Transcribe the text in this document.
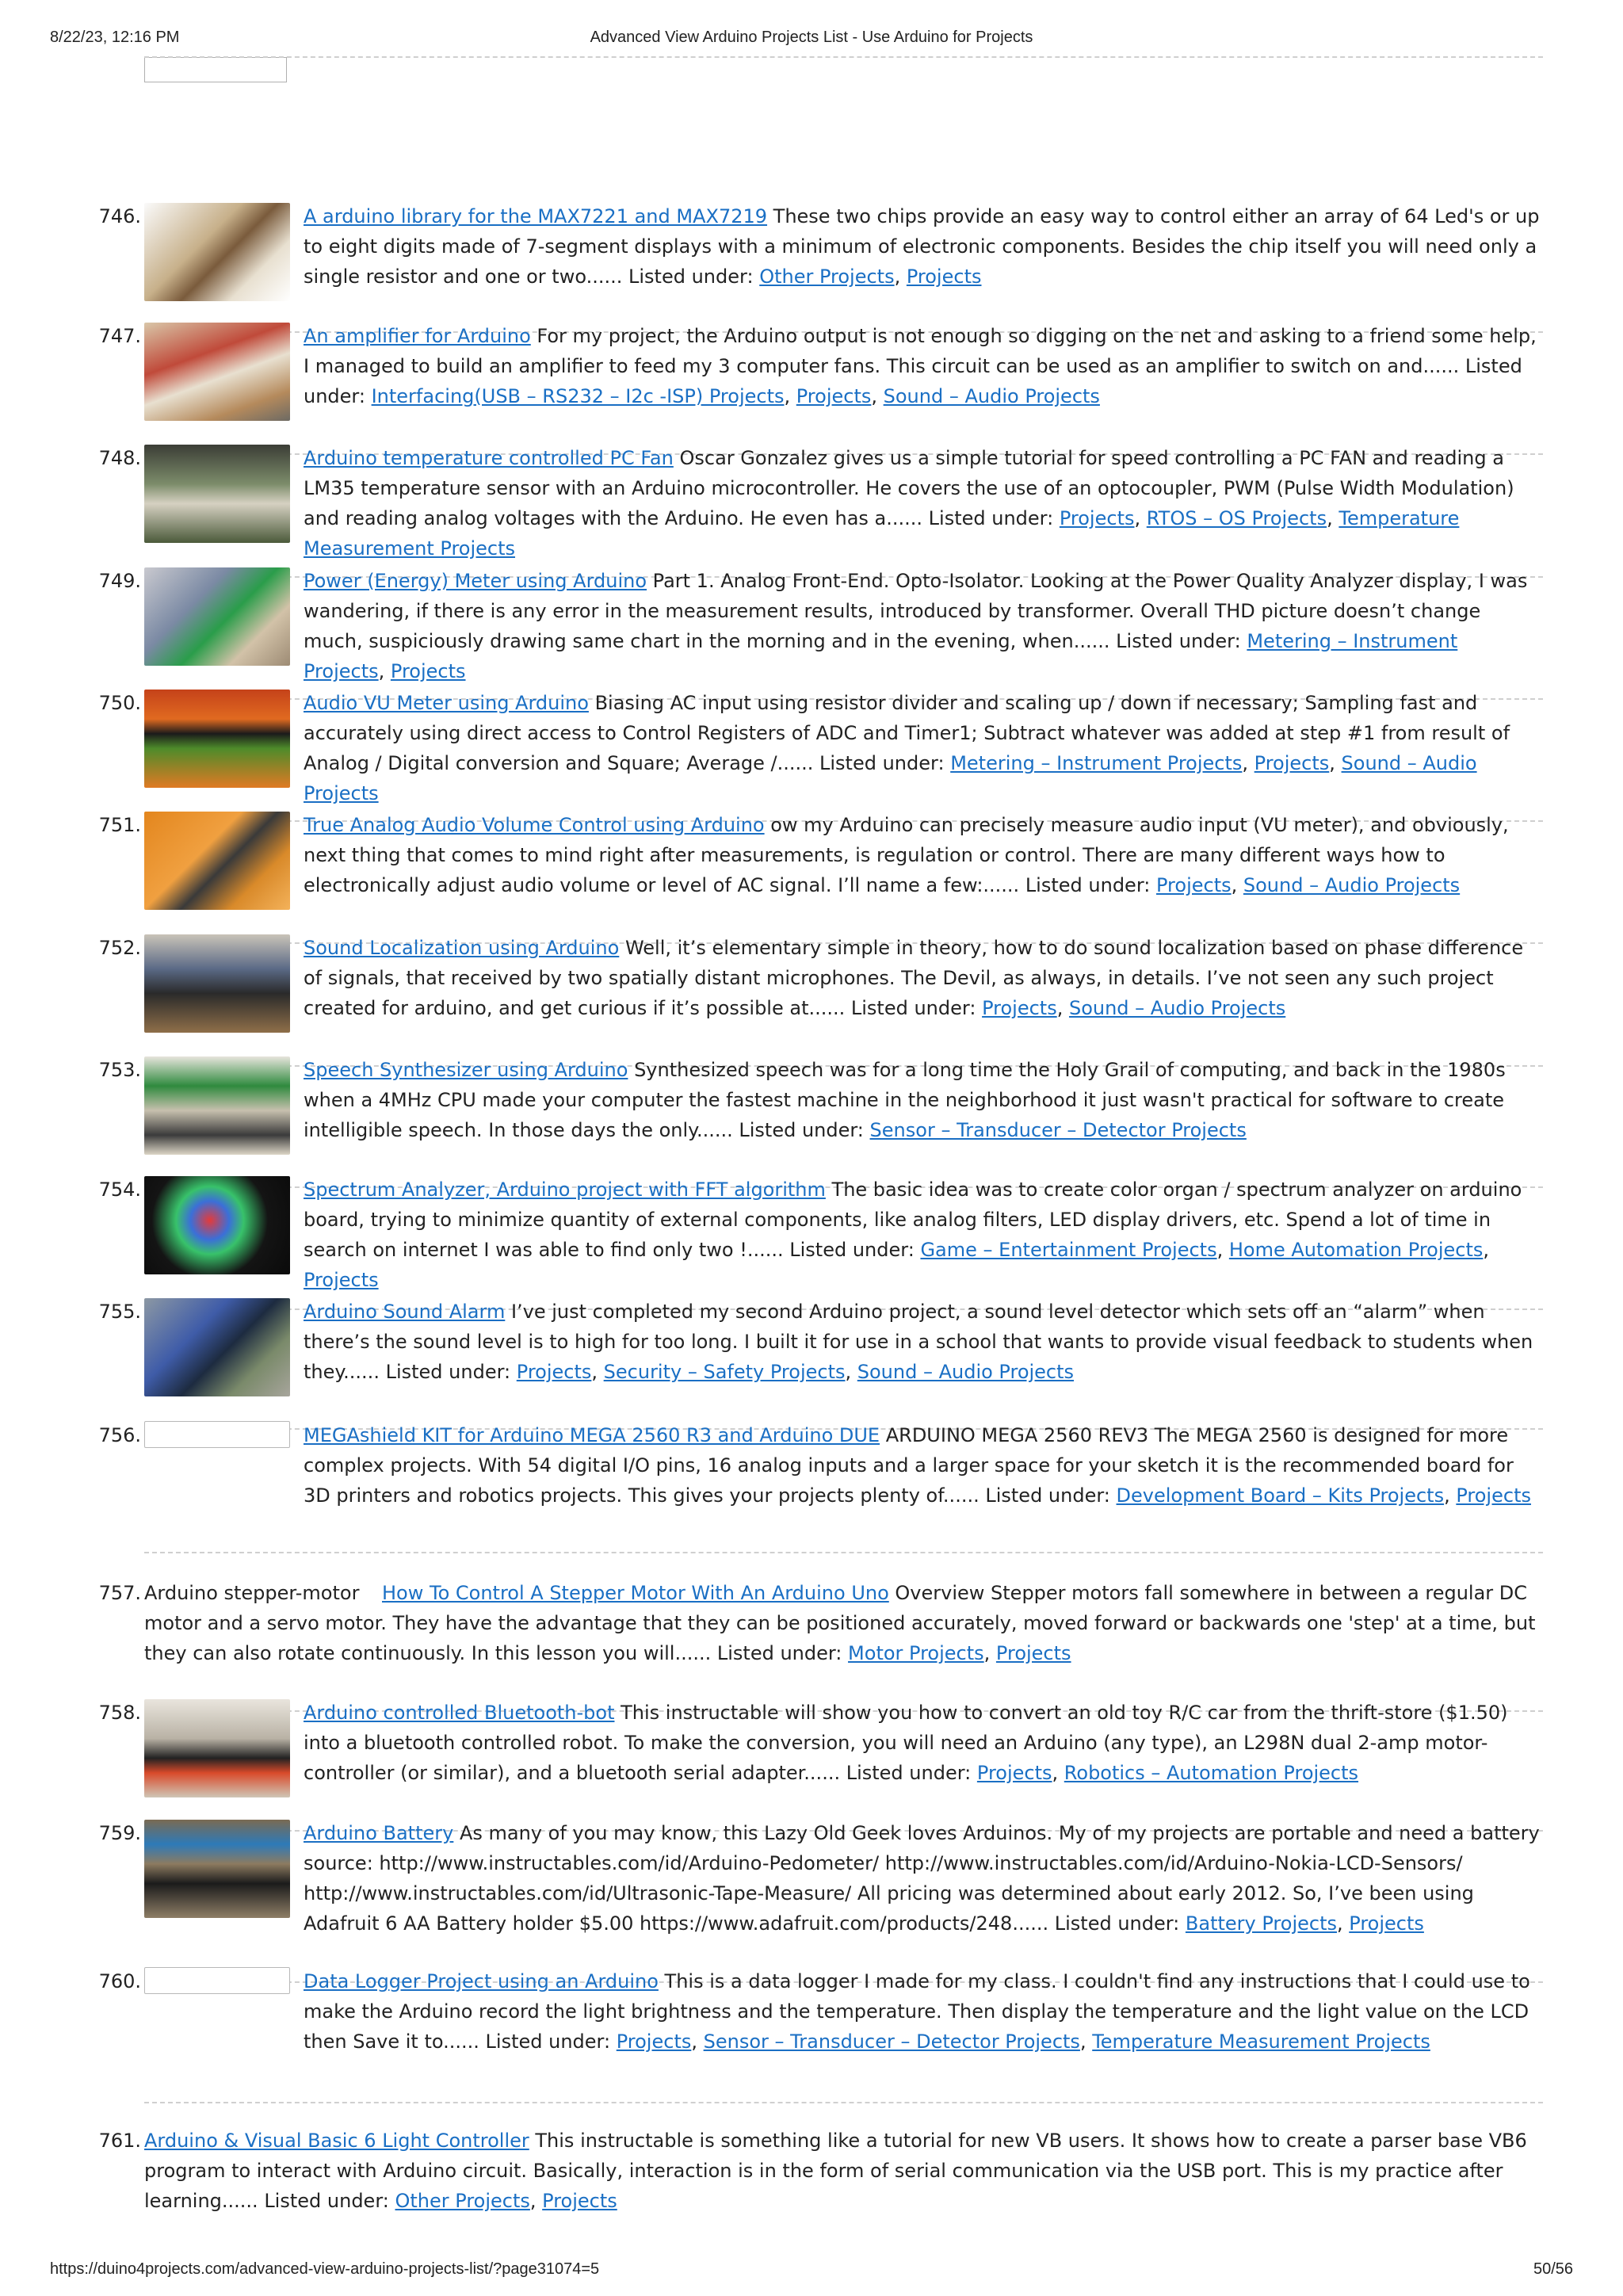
8/22/23, 12:16 PM	Advanced View Arduino Projects List - Use Arduino for Projects
746.	A arduino library for the MAX7221 and MAX7219 These two chips provide an easy way to control either an array of 64 Led's or up to eight digits made of 7-segment displays with a minimum of electronic components. Besides the chip itself you will need only a single resistor and one or two...... Listed under: Other Projects, Projects
747.	An amplifier for Arduino For my project, the Arduino output is not enough so digging on the net and asking to a friend some help, I managed to build an amplifier to feed my 3 computer fans. This circuit can be used as an amplifier to switch on and...... Listed under: Interfacing(USB – RS232 – I2c -ISP) Projects, Projects, Sound – Audio Projects
748.	Arduino temperature controlled PC Fan Oscar Gonzalez gives us a simple tutorial for speed controlling a PC FAN and reading a LM35 temperature sensor with an Arduino microcontroller. He covers the use of an optocoupler, PWM (Pulse Width Modulation) and reading analog voltages with the Arduino. He even has a...... Listed under: Projects, RTOS – OS Projects, Temperature Measurement Projects
749.	Power (Energy) Meter using Arduino Part 1. Analog Front-End. Opto-Isolator. Looking at the Power Quality Analyzer display, I was wandering, if there is any error in the measurement results, introduced by transformer. Overall THD picture doesn’t change much, suspiciously drawing same chart in the morning and in the evening, when...... Listed under: Metering – Instrument Projects, Projects
750.	Audio VU Meter using Arduino Biasing AC input using resistor divider and scaling up / down if necessary; Sampling fast and accurately using direct access to Control Registers of ADC and Timer1; Subtract whatever was added at step #1 from result of Analog / Digital conversion and Square; Average /...... Listed under: Metering – Instrument Projects, Projects, Sound – Audio Projects
751.	True Analog Audio Volume Control using Arduino ow my Arduino can precisely measure audio input (VU meter), and obviously, next thing that comes to mind right after measurements, is regulation or control. There are many different ways how to electronically adjust audio volume or level of AC signal. I’ll name a few:...... Listed under: Projects, Sound – Audio Projects
752.	Sound Localization using Arduino Well, it’s elementary simple in theory, how to do sound localization based on phase difference of signals, that received by two spatially distant microphones. The Devil, as always, in details. I’ve not seen any such project created for arduino, and get curious if it’s possible at...... Listed under: Projects, Sound – Audio Projects
753.	Speech Synthesizer using Arduino Synthesized speech was for a long time the Holy Grail of computing, and back in the 1980s when a 4MHz CPU made your computer the fastest machine in the neighborhood it just wasn't practical for software to create intelligible speech. In those days the only...... Listed under: Sensor – Transducer – Detector Projects
754.	Spectrum Analyzer, Arduino project with FFT algorithm The basic idea was to create color organ / spectrum analyzer on arduino board, trying to minimize quantity of external components, like analog filters, LED display drivers, etc. Spend a lot of time in search on internet I was able to find only two !...... Listed under: Game – Entertainment Projects, Home Automation Projects, Projects
755.	Arduino Sound Alarm I’ve just completed my second Arduino project, a sound level detector which sets off an “alarm” when there’s the sound level is to high for too long. I built it for use in a school that wants to provide visual feedback to students when they...... Listed under: Projects, Security – Safety Projects, Sound – Audio Projects
756.	MEGAshield KIT for Arduino MEGA 2560 R3 and Arduino DUE ARDUINO MEGA 2560 REV3 The MEGA 2560 is designed for more complex projects. With 54 digital I/O pins, 16 analog inputs and a larger space for your sketch it is the recommended board for 3D printers and robotics projects. This gives your projects plenty of...... Listed under: Development Board – Kits Projects, Projects
757. Arduino stepper-motor How To Control A Stepper Motor With An Arduino Uno Overview Stepper motors fall somewhere in between a regular DC motor and a servo motor. They have the advantage that they can be positioned accurately, moved forward or backwards one 'step' at a time, but they can also rotate continuously. In this lesson you will...... Listed under: Motor Projects, Projects
758.	Arduino controlled Bluetooth-bot This instructable will show you how to convert an old toy R/C car from the thrift-store ($1.50) into a bluetooth controlled robot. To make the conversion, you will need an Arduino (any type), an L298N dual 2-amp motor-controller (or similar), and a bluetooth serial adapter...... Listed under: Projects, Robotics – Automation Projects
759.	Arduino Battery As many of you may know, this Lazy Old Geek loves Arduinos. My of my projects are portable and need a battery source: http://www.instructables.com/id/Arduino-Pedometer/ http://www.instructables.com/id/Arduino-Nokia-LCD-Sensors/ http://www.instructables.com/id/Ultrasonic-Tape-Measure/ All pricing was determined about early 2012. So, I’ve been using Adafruit 6 AA Battery holder $5.00 https://www.adafruit.com/products/248...... Listed under: Battery Projects, Projects
760.	Data Logger Project using an Arduino This is a data logger I made for my class. I couldn't find any instructions that I could use to make the Arduino record the light brightness and the temperature. Then display the temperature and the light value on the LCD then Save it to...... Listed under: Projects, Sensor – Transducer – Detector Projects, Temperature Measurement Projects
761. Arduino & Visual Basic 6 Light Controller This instructable is something like a tutorial for new VB users. It shows how to create a parser base VB6 program to interact with Arduino circuit. Basically, interaction is in the form of serial communication via the USB port. This is my practice after learning...... Listed under: Other Projects, Projects
https://duino4projects.com/advanced-view-arduino-projects-list/?page31074=5	50/56
